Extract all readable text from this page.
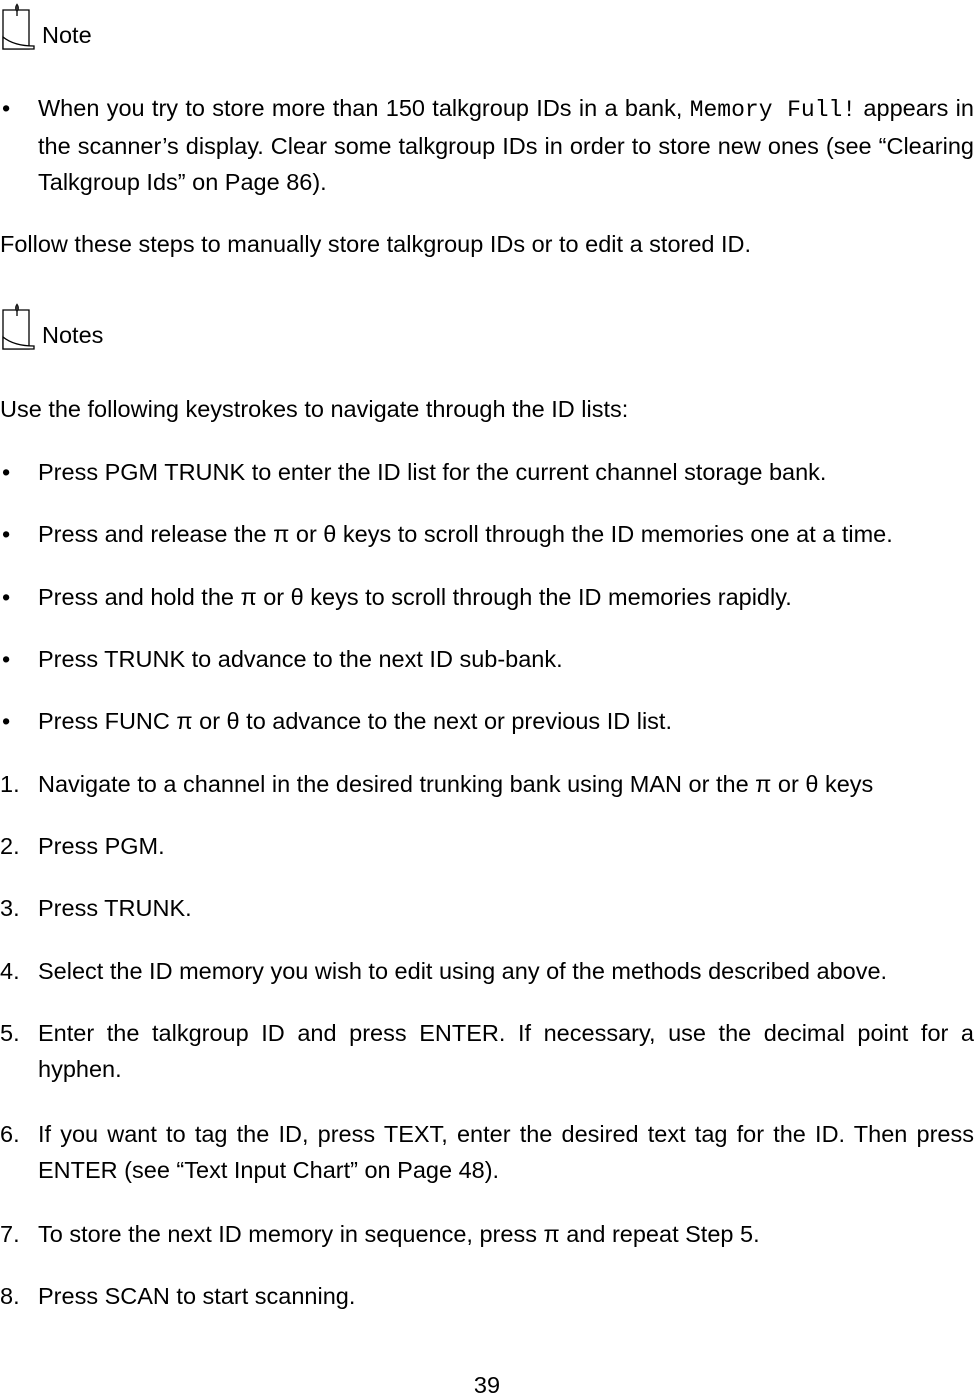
Note
• When you try to store more than 150 talkgroup IDs in a bank, Memory Full! appears in the scanner’s display. Clear some talkgroup IDs in order to store new ones (see “Clearing Talkgroup Ids” on Page 86).

Follow these steps to manually store talkgroup IDs or to edit a stored ID.

Notes

Use the following keystrokes to navigate through the ID lists:

• Press PGM TRUNK to enter the ID list for the current channel storage bank.
• Press and release the π or θ keys to scroll through the ID memories one at a time.
• Press and hold the π or θ keys to scroll through the ID memories rapidly.
• Press TRUNK to advance to the next ID sub-bank.
• Press FUNC π or θ to advance to the next or previous ID list.
1. Navigate to a channel in the desired trunking bank using MAN or the π or θ keys
2. Press PGM.
3. Press TRUNK.
4. Select the ID memory you wish to edit using any of the methods described above.
5. Enter the talkgroup ID and press ENTER. If necessary, use the decimal point for a hyphen.
6. If you want to tag the ID, press TEXT, enter the desired text tag for the ID. Then press ENTER (see “Text Input Chart” on Page 48).
7. To store the next ID memory in sequence, press π and repeat Step 5.
8. Press SCAN to start scanning.
39
